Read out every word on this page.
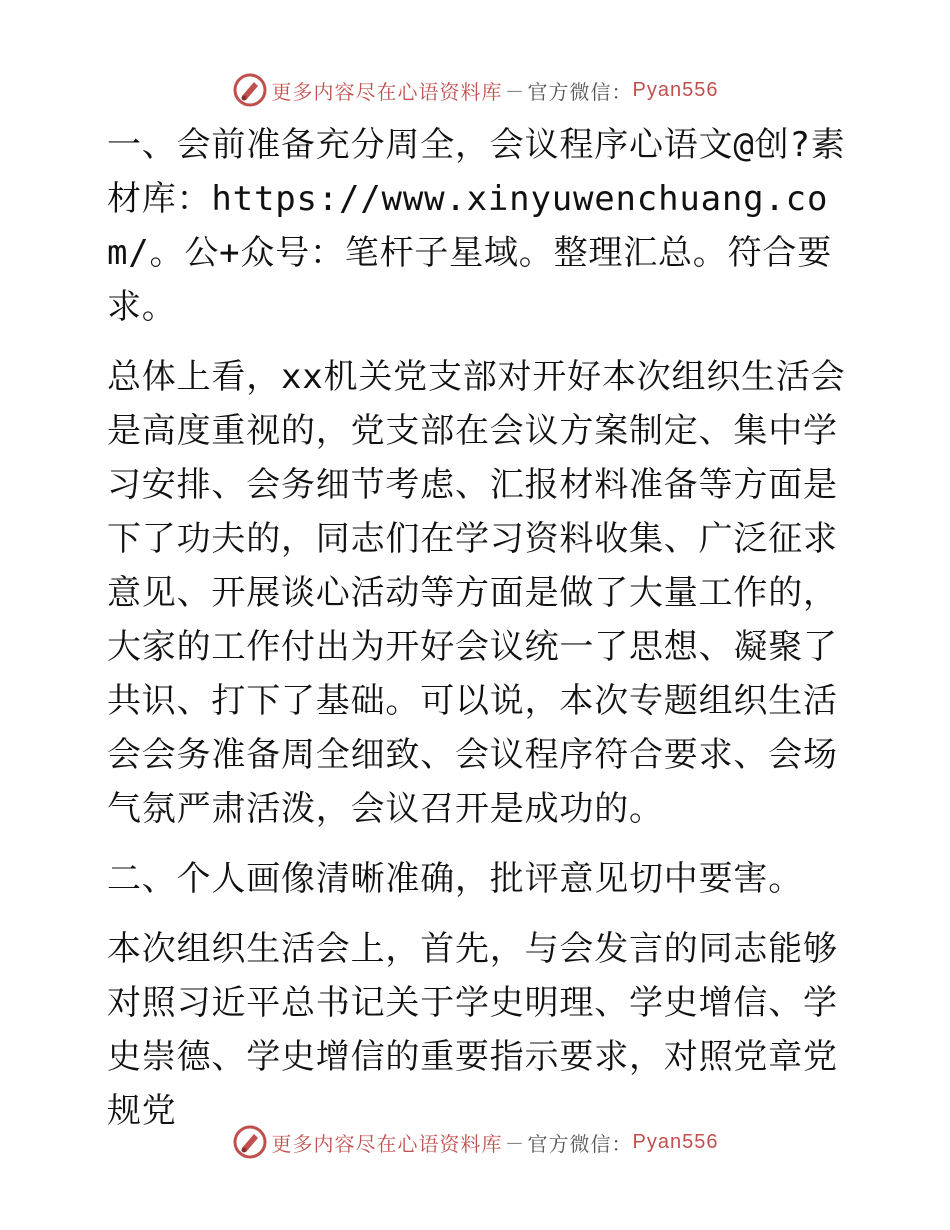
更多内容尽在心语资料库 — 官方微信： Pyan556

一、会前准备充分周全，会议程序心语文@创?素材库：https://www.xinyuwenchuang.com/。公+众号：笔杆子星域。整理汇总。符合要求。

总体上看，xx机关党支部对开好本次组织生活会是高度重视的，党支部在会议方案制定、集中学习安排、会务细节考虑、汇报材料准备等方面是下了功夫的，同志们在学习资料收集、广泛征求意见、开展谈心活动等方面是做了大量工作的，大家的工作付出为开好会议统一了思想、凝聚了共识、打下了基础。可以说，本次专题组织生活会会务准备周全细致、会议程序符合要求、会场气氛严肃活泼，会议召开是成功的。

二、个人画像清晰准确，批评意见切中要害。

本次组织生活会上，首先，与会发言的同志能够对照习近平总书记关于学史明理、学史增信、学史崇德、学史增信的重要指示要求，对照党章党规党

更多内容尽在心语资料库 — 官方微信： Pyan556
